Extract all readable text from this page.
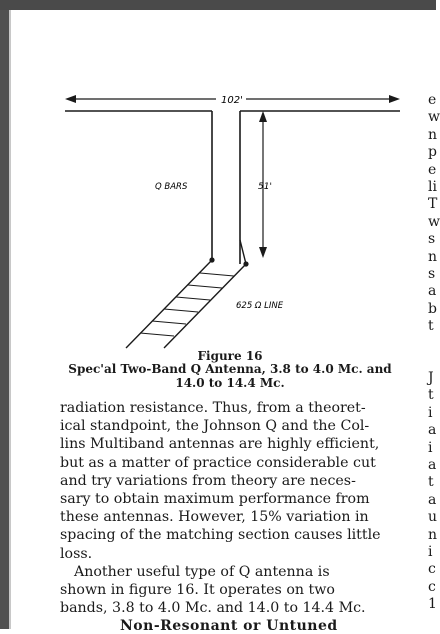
102'
Q BARS	51'
625 Ω LINE
Figure 16
Spec'al Two-Band Q Antenna, 3.8 to 4.0 Mc. and 14.0 to 14.4 Mc.

radiation resistance. Thus, from a theoret-
ical standpoint, the Johnson Q and the Col-
lins Multiband antennas are highly efficient,
but as a matter of practice considerable cut
and try variations from theory are neces-
sary to obtain maximum performance from
these antennas. However, 15% variation in
spacing of the matching section causes little
loss.

Another useful type of Q antenna is
shown in figure 16. It operates on two
bands, 3.8 to 4.0 Mc. and 14.0 to 14.4 Mc.

Non-Resonant or Untuned
e
w
n
p
e
li
T
w
s
n
s
a
b
t
J
t
i
a
i
a
t
a
u
n
i
c
c
1
